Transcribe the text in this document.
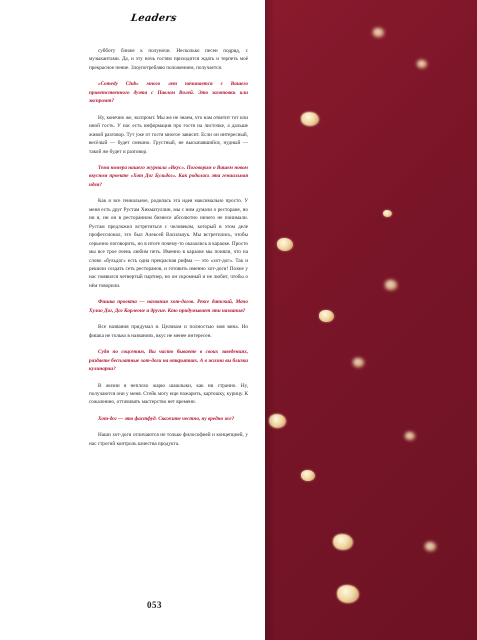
Leaders

субботу ближе к полуночи. Несколько песен подряд, с музыкантами. Да, и эту ночь гостям приходится ждать и терпеть моё прекрасное пение. Злоупотребляю положением, получается.

«Comedy Club» много лет начинается с Вашего приветственного дуэта с Павлом Волей. Это заготовки или экспромт?

Ну, конечно же, экспромт. Мы же не знаем, что нам ответит тот или иной гость. У нас есть информация про гостя на листочке, а дальше живой разговор. Тут уже от гостя многое зависит. Если он интересный, весёлый — будет смешно. Грустный, не высыпавшийся, нудный — такой же будет и разговор.

Тема номера нашего журнала «Вкус». Поговорим о Вашем новом вкусном проекте «Хот Дог Бульдог». Как родилась эта гениальная идея?

Как и все гениальное, родилась эта идея максимально просто. У меня есть друг Рустам Хикматуллин, мы с ним думали о ресторане, но ни я, ни он в ресторанном бизнесе абсолютно ничего не понимали. Рустам предложил встретиться с человеком, который в этом деле профессионал, это был Алексей Васильчук. Мы встретились, чтобы серьезно поговорить, но в итоге почему-то оказались в караоке. Просто мы все трое очень любим петь. Именно в караоке мы поняли, что на слово «бульдог» есть одна прекрасная рифма — это «хот-дог». Так и решили создать сеть ресторанов, и готовить именно хот-доги! Позже у нас появился четвертый партнер, но он скромный и не любит, чтобы о нём говорили.

Фишка проекта — названия хот-догов. Рексе датский, Мачо Хулио Дог, Дог Корлеоне и другие. Кто придумывает эти названия?

Все названия придумал я. Целиком и полностью моя вина. Но фишка не только в названиях, вкус не менее интересен.

Судя по соцсетям, Вы часто бываете в своих заведениях, раздаете бесплатные хот-доги на открытиях. А в жизни вы близки кулинарии?

В жизни я неплохо жарю шашлыки, как ни странно. Ну, получаются они у меня. Стейк могу еще пожарить, картошку, курицу. К сожалению, оттачивать мастерство нет времени.

Хот-дог — это фастфуд. Скажите честно, ну вредно же?

Наши хот-доги отличаются не только философией и концепцией, у нас строгий контроль качества продукта.

053
